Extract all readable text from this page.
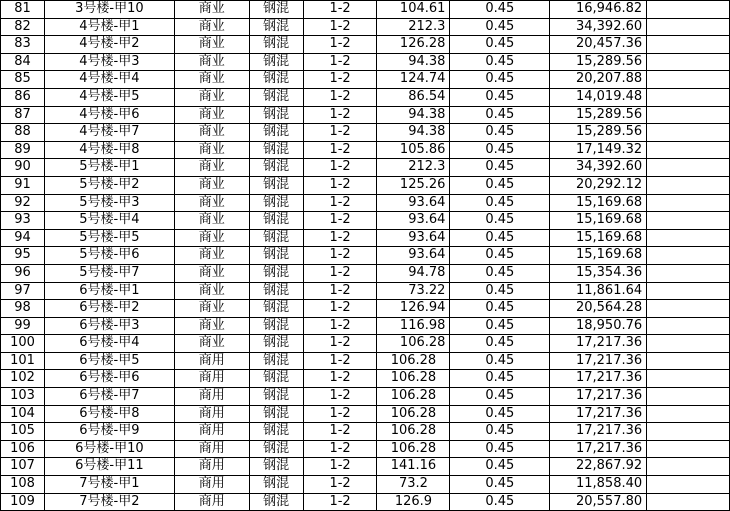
81	3号楼-甲10	商业	钢混	1-2	104.61	0.45	16,946.82	
82	4号楼-甲1	商业	钢混	1-2	212.3	0.45	34,392.60	
83	4号楼-甲2	商业	钢混	1-2	126.28	0.45	20,457.36	
84	4号楼-甲3	商业	钢混	1-2	94.38	0.45	15,289.56	
85	4号楼-甲4	商业	钢混	1-2	124.74	0.45	20,207.88	
86	4号楼-甲5	商业	钢混	1-2	86.54	0.45	14,019.48	
87	4号楼-甲6	商业	钢混	1-2	94.38	0.45	15,289.56	
88	4号楼-甲7	商业	钢混	1-2	94.38	0.45	15,289.56	
89	4号楼-甲8	商业	钢混	1-2	105.86	0.45	17,149.32	
90	5号楼-甲1	商业	钢混	1-2	212.3	0.45	34,392.60	
91	5号楼-甲2	商业	钢混	1-2	125.26	0.45	20,292.12	
92	5号楼-甲3	商业	钢混	1-2	93.64	0.45	15,169.68	
93	5号楼-甲4	商业	钢混	1-2	93.64	0.45	15,169.68	
94	5号楼-甲5	商业	钢混	1-2	93.64	0.45	15,169.68	
95	5号楼-甲6	商业	钢混	1-2	93.64	0.45	15,169.68	
96	5号楼-甲7	商业	钢混	1-2	94.78	0.45	15,354.36	
97	6号楼-甲1	商业	钢混	1-2	73.22	0.45	11,861.64	
98	6号楼-甲2	商业	钢混	1-2	126.94	0.45	20,564.28	
99	6号楼-甲3	商业	钢混	1-2	116.98	0.45	18,950.76	
100	6号楼-甲4	商业	钢混	1-2	106.28	0.45	17,217.36	
101	6号楼-甲5	商用	钢混	1-2	106.28	0.45	17,217.36	
102	6号楼-甲6	商用	钢混	1-2	106.28	0.45	17,217.36	
103	6号楼-甲7	商用	钢混	1-2	106.28	0.45	17,217.36	
104	6号楼-甲8	商用	钢混	1-2	106.28	0.45	17,217.36	
105	6号楼-甲9	商用	钢混	1-2	106.28	0.45	17,217.36	
106	6号楼-甲10	商用	钢混	1-2	106.28	0.45	17,217.36	
107	6号楼-甲11	商用	钢混	1-2	141.16	0.45	22,867.92	
108	7号楼-甲1	商用	钢混	1-2	73.2	0.45	11,858.40	
109	7号楼-甲2	商用	钢混	1-2	126.9	0.45	20,557.80	
